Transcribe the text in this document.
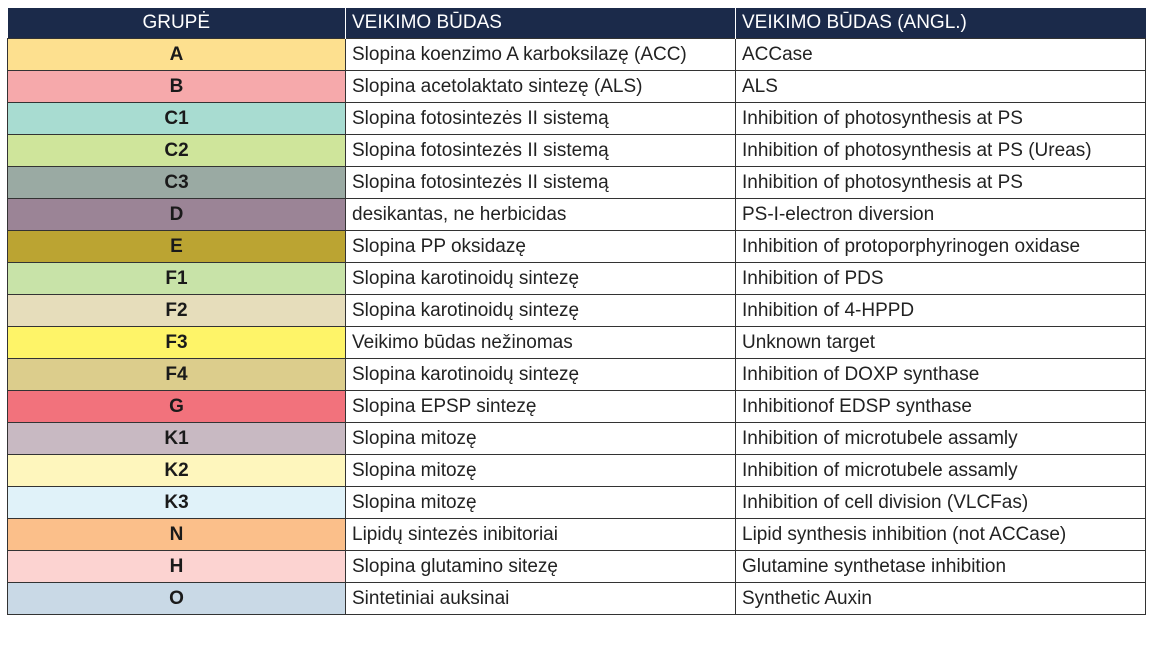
GRUPĖ	VEIKIMO BŪDAS	VEIKIMO BŪDAS (ANGL.)
A	Slopina koenzimo A karboksilazę (ACC)	ACCase
B	Slopina acetolaktato sintezę (ALS)	ALS
C1	Slopina fotosintezės II sistemą	Inhibition of photosynthesis at PS
C2	Slopina fotosintezės II sistemą	Inhibition of photosynthesis at PS (Ureas)
C3	Slopina fotosintezės II sistemą	Inhibition of photosynthesis at PS
D	desikantas, ne herbicidas	PS-I-electron diversion
E	Slopina PP oksidazę	Inhibition of protoporphyrinogen oxidase
F1	Slopina karotinoidų sintezę	Inhibition of PDS
F2	Slopina karotinoidų sintezę	Inhibition of 4-HPPD
F3	Veikimo būdas nežinomas	Unknown target
F4	Slopina karotinoidų sintezę	Inhibition of DOXP synthase
G	Slopina EPSP sintezę	Inhibitionof EDSP synthase
K1	Slopina mitozę	Inhibition of microtubele assamly
K2	Slopina mitozę	Inhibition of microtubele assamly
K3	Slopina mitozę	Inhibition of cell division (VLCFas)
N	Lipidų sintezės inibitoriai	Lipid synthesis inhibition (not ACCase)
H	Slopina glutamino sitezę	Glutamine synthetase inhibition
O	Sintetiniai auksinai	Synthetic Auxin
